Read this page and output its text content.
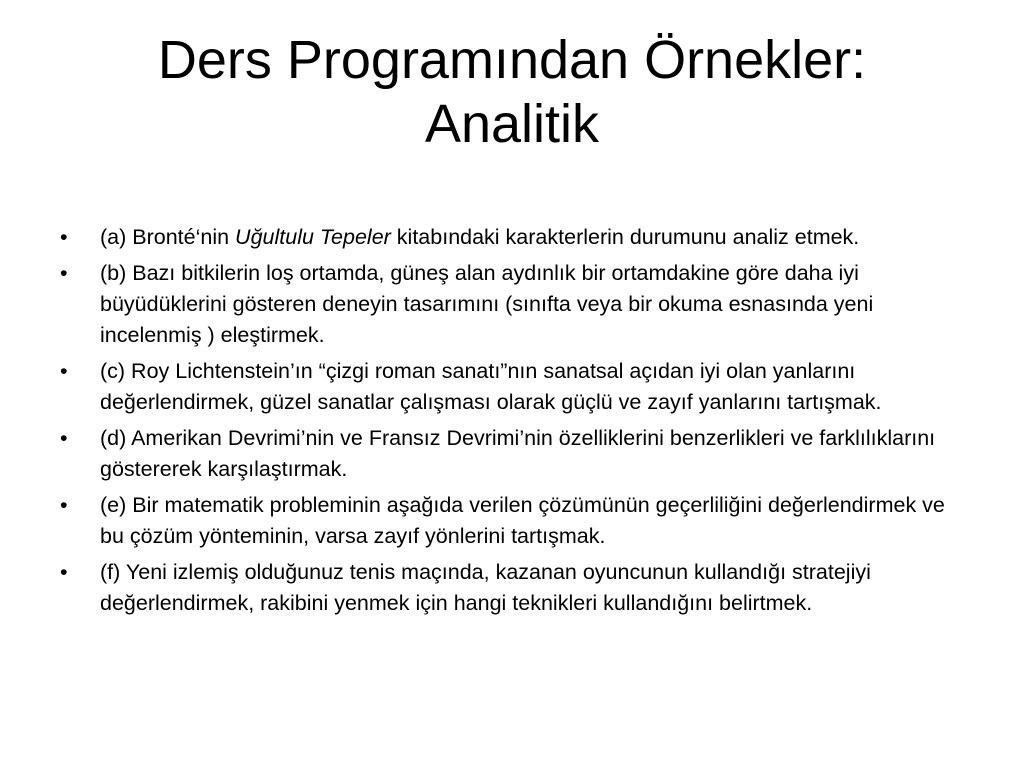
Ders Programından Örnekler:
Analitik
•	(a) Bronté‘nin Uğultulu Tepeler kitabındaki karakterlerin durumunu analiz etmek.
•	(b) Bazı bitkilerin loş ortamda, güneş alan aydınlık bir ortamdakine göre daha iyi büyüdüklerini gösteren deneyin tasarımını (sınıfta veya bir okuma esnasında yeni incelenmiş ) eleştirmek.
•	(c) Roy Lichtenstein’ın “çizgi roman sanatı”nın sanatsal açıdan iyi olan yanlarını değerlendirmek, güzel sanatlar çalışması olarak güçlü ve zayıf yanlarını tartışmak.
•	(d) Amerikan Devrimi’nin ve Fransız Devrimi’nin özelliklerini benzerlikleri ve farklılıklarını göstererek karşılaştırmak.
•	(e) Bir matematik probleminin aşağıda verilen çözümünün geçerliliğini değerlendirmek ve bu çözüm yönteminin, varsa zayıf yönlerini tartışmak.
•	(f) Yeni izlemiş olduğunuz tenis maçında, kazanan oyuncunun kullandığı stratejiyi değerlendirmek, rakibini yenmek için hangi teknikleri kullandığını belirtmek.
